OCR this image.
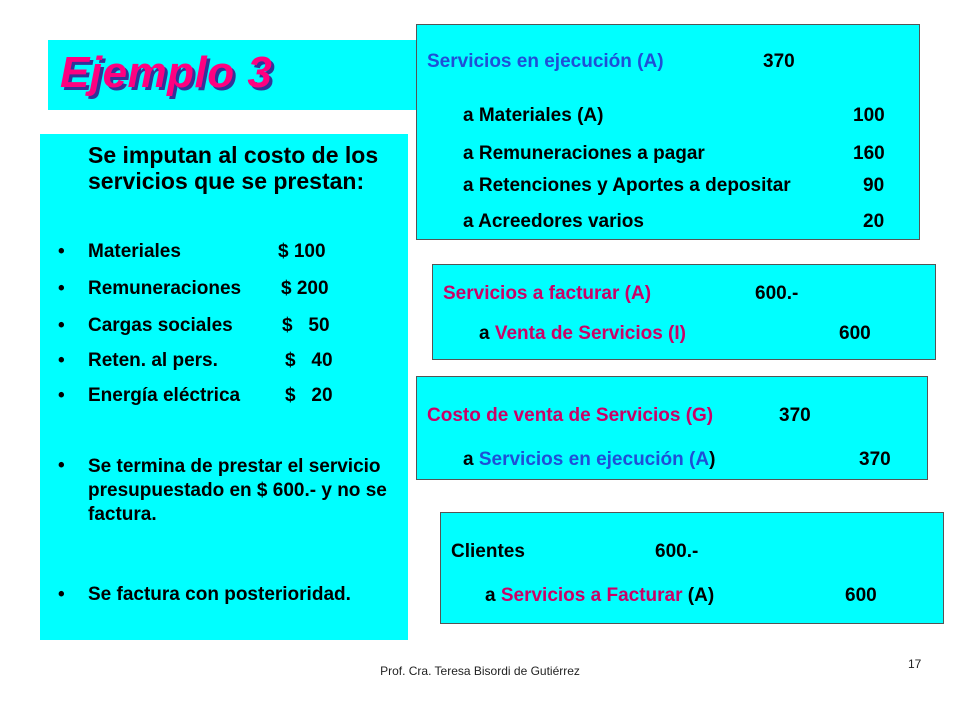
Ejemplo 3
Se imputan al costo de los servicios que se prestan:
• Materiales	$ 100
• Remuneraciones $ 200
• Cargas sociales	$   50
• Reten. al pers.	$   40
• Energía eléctrica $   20
• Se termina de prestar el servicio presupuestado en $ 600.- y no se factura.
• Se factura con posterioridad.
Servicios en ejecución (A)	370
a Materiales (A)	100
a Remuneraciones a pagar	160
a Retenciones y Aportes a depositar	90
a Acreedores varios	20
Servicios a facturar (A)	600.-
a Venta de Servicios (I)	600
Costo de venta de Servicios (G)	370
a Servicios en ejecución (A)	370
Clientes	600.-
a Servicios a Facturar (A)	600
Prof. Cra. Teresa Bisordi de Gutiérrez	17
